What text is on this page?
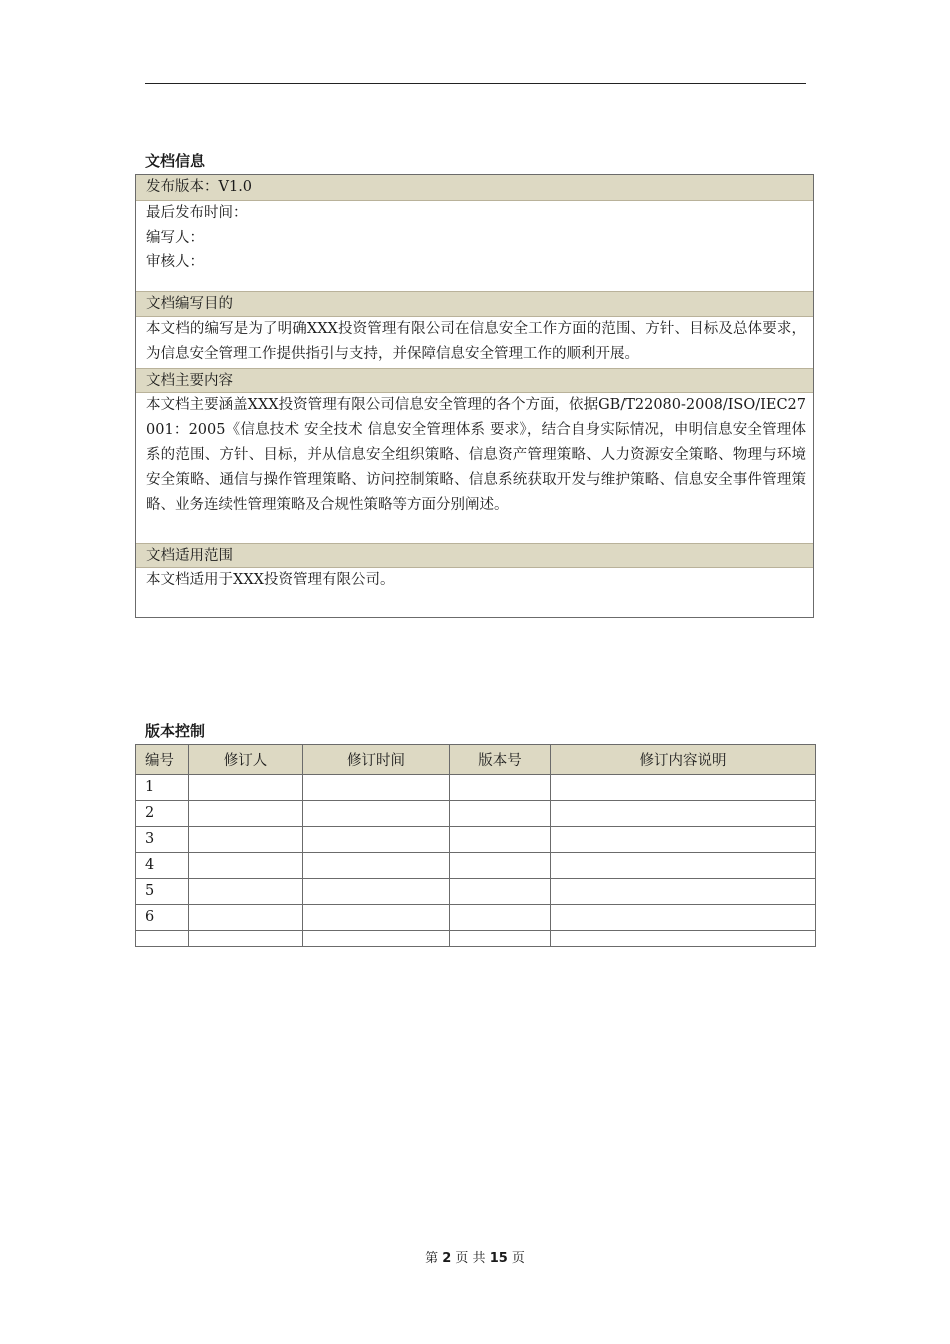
文档信息
发布版本：V1.0
最后发布时间：
编写人：
审核人：
文档编写目的
本文档的编写是为了明确XXX投资管理有限公司在信息安全工作方面的范围、方针、目标及总体要求，为信息安全管理工作提供指引与支持，并保障信息安全管理工作的顺利开展。
文档主要内容
本文档主要涵盖XXX投资管理有限公司信息安全管理的各个方面，依据GB/T22080-2008/ISO/IEC27001：2005《信息技术 安全技术 信息安全管理体系 要求》，结合自身实际情况，申明信息安全管理体系的范围、方针、目标，并从信息安全组织策略、信息资产管理策略、人力资源安全策略、物理与环境安全策略、通信与操作管理策略、访问控制策略、信息系统获取开发与维护策略、信息安全事件管理策略、业务连续性管理策略及合规性策略等方面分别阐述。
文档适用范围
本文档适用于XXX投资管理有限公司。
版本控制
编号	修订人	修订时间	版本号	修订内容说明
1				
2				
3				
4				
5				
6				

第 2 页 共 15 页
